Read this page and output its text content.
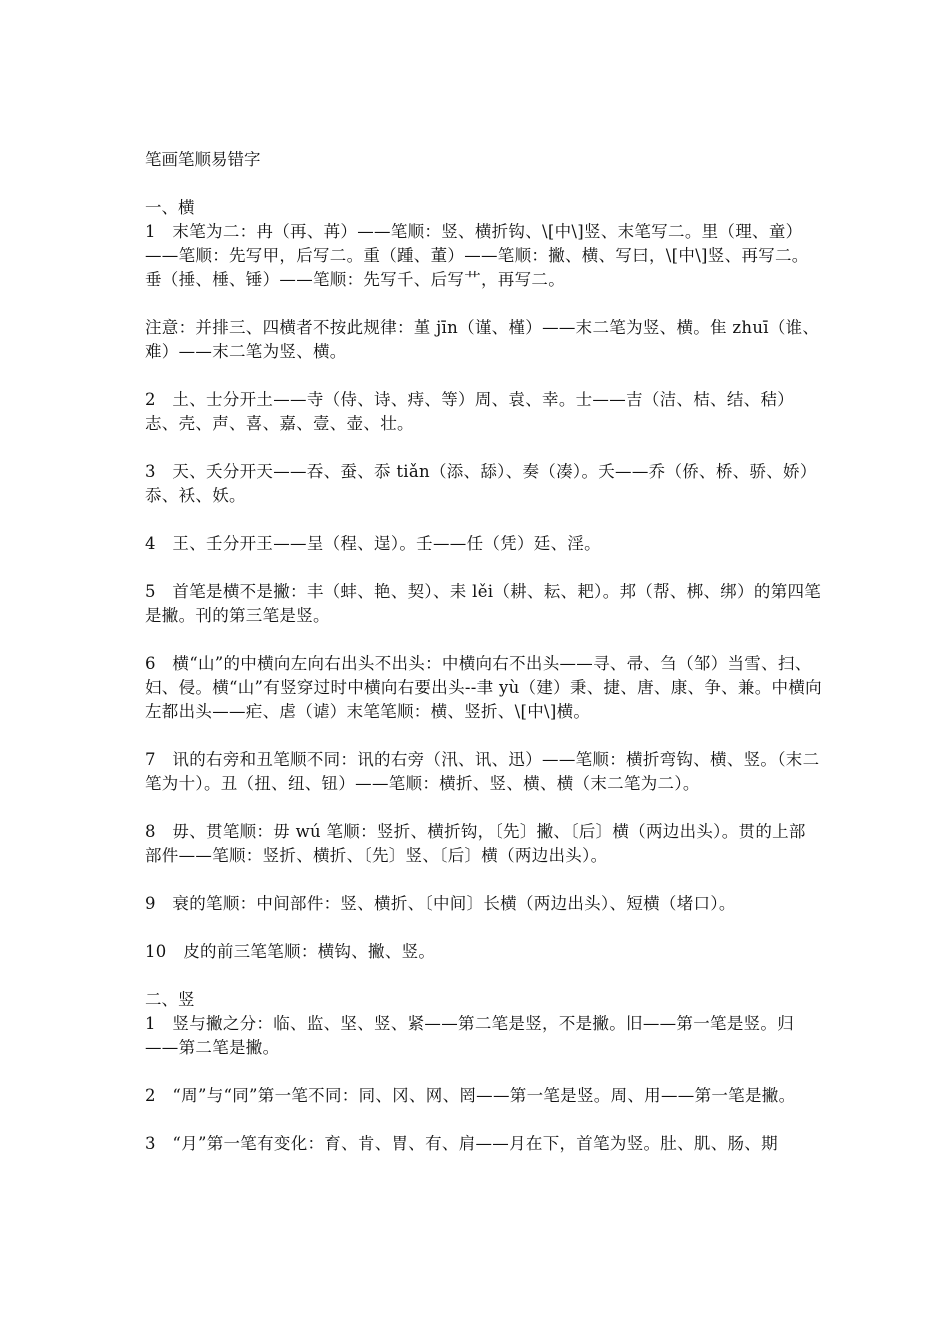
笔画笔顺易错字
一、横

1   末笔为二：冉（再、苒）——笔顺：竖、横折钩、\[中\]竖、末笔写二。里（理、童）——笔顺：先写甲，后写二。重（踵、董）——笔顺：撇、横、写曰，\[中\]竖、再写二。垂（捶、棰、锤）——笔顺：先写千、后写艹，再写二。

注意：并排三、四横者不按此规律：堇 jīn（谨、槿）——末二笔为竖、横。隹 zhuī（谁、难）——末二笔为竖、横。

2   土、士分开土——寺（侍、诗、痔、等）周、袁、幸。士——吉（洁、桔、结、秸）志、壳、声、喜、嘉、壹、壶、壮。

3   天、夭分开天——吞、蚕、忝 tiǎn（添、舔）、奏（凑）。夭——乔（侨、桥、骄、娇）忝、袄、妖。

4   王、壬分开王——呈（程、逞）。壬——任（凭）廷、淫。

5   首笔是横不是撇：丰（蚌、艳、契）、耒 lěi（耕、耘、耙）。邦（帮、梆、绑）的第四笔是撇。刊的第三笔是竖。

6   横“山”的中横向左向右出头不出头：中横向右不出头——寻、帚、刍（邹）当雪、扫、妇、侵。横“山”有竖穿过时中横向右要出头--聿 yù（建）秉、捷、唐、康、争、兼。中横向左都出头——疟、虐（谑）末笔笔顺：横、竖折、\[中\]横。

7   讯的右旁和丑笔顺不同：讯的右旁（汛、讯、迅）——笔顺：横折弯钩、横、竖。（末二笔为十）。丑（扭、纽、钮）——笔顺：横折、竖、横、横（末二笔为二）。

8   毋、贯笔顺：毋 wú 笔顺：竖折、横折钩，〔先〕撇、〔后〕横（两边出头）。贯的上部部件——笔顺：竖折、横折、〔先〕竖、〔后〕横（两边出头）。

9   衰的笔顺：中间部件：竖、横折、〔中间〕长横（两边出头）、短横（堵口）。

10   皮的前三笔笔顺：横钩、撇、竖。

二、竖

1   竖与撇之分：临、监、坚、竖、紧——第二笔是竖，不是撇。旧——第一笔是竖。归——第二笔是撇。

2   “周”与“同”第一笔不同：同、冈、网、罔——第一笔是竖。周、用——第一笔是撇。

3   “月”第一笔有变化：育、肯、胃、有、肩——月在下，首笔为竖。肚、肌、肠、期
